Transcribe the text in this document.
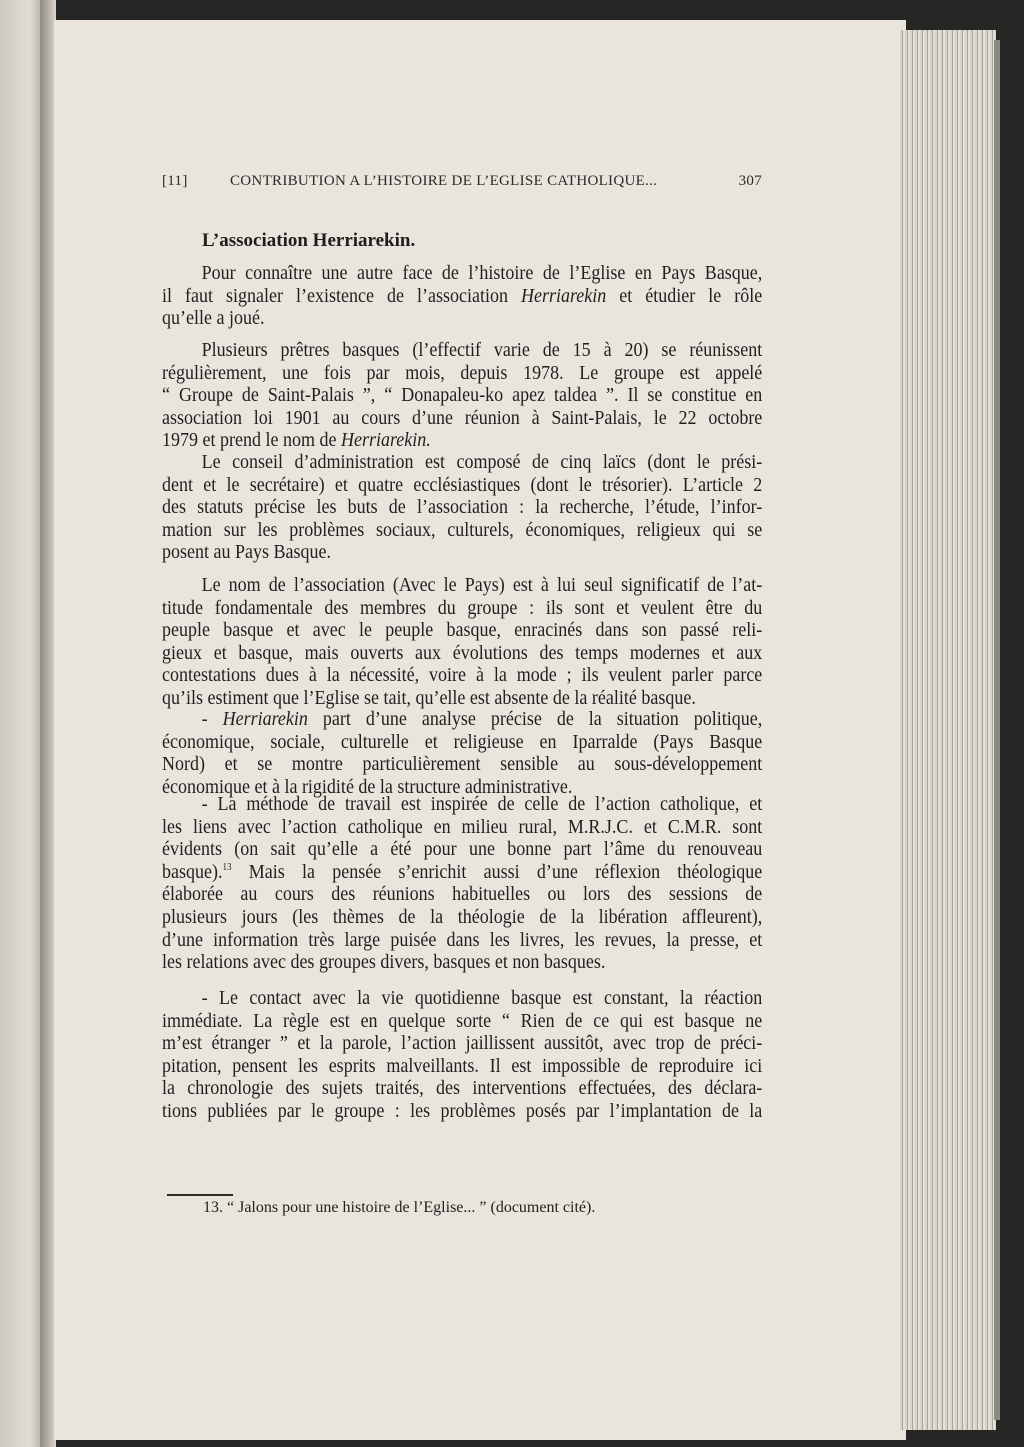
[11]	CONTRIBUTION A L’HISTOIRE DE L’EGLISE CATHOLIQUE...	307
L’association Herriarekin.
Pour connaître une autre face de l’histoire de l’Eglise en Pays Basque,
il faut signaler l’existence de l’association Herriarekin et étudier le rôle
qu’elle a joué.
Plusieurs prêtres basques (l’effectif varie de 15 à 20) se réunissent
régulièrement, une fois par mois, depuis 1978. Le groupe est appelé
“ Groupe de Saint-Palais ”, “ Donapaleu-ko apez taldea ”. Il se constitue en
association loi 1901 au cours d’une réunion à Saint-Palais, le 22 octobre
1979 et prend le nom de Herriarekin.
Le conseil d’administration est composé de cinq laïcs (dont le prési-
dent et le secrétaire) et quatre ecclésiastiques (dont le trésorier). L’article 2
des statuts précise les buts de l’association : la recherche, l’étude, l’infor-
mation sur les problèmes sociaux, culturels, économiques, religieux qui se
posent au Pays Basque.
Le nom de l’association (Avec le Pays) est à lui seul significatif de l’at-
titude fondamentale des membres du groupe : ils sont et veulent être du
peuple basque et avec le peuple basque, enracinés dans son passé reli-
gieux et basque, mais ouverts aux évolutions des temps modernes et aux
contestations dues à la nécessité, voire à la mode ; ils veulent parler parce
qu’ils estiment que l’Eglise se tait, qu’elle est absente de la réalité basque.
- Herriarekin part d’une analyse précise de la situation politique,
économique, sociale, culturelle et religieuse en Iparralde (Pays Basque
Nord) et se montre particulièrement sensible au sous-développement
économique et à la rigidité de la structure administrative.
- La méthode de travail est inspirée de celle de l’action catholique, et
les liens avec l’action catholique en milieu rural, M.R.J.C. et C.M.R. sont
évidents (on sait qu’elle a été pour une bonne part l’âme du renouveau
basque).$^{13}$ Mais la pensée s’enrichit aussi d’une réflexion théologique
élaborée au cours des réunions habituelles ou lors des sessions de
plusieurs jours (les thèmes de la théologie de la libération affleurent),
d’une information très large puisée dans les livres, les revues, la presse, et
les relations avec des groupes divers, basques et non basques.
- Le contact avec la vie quotidienne basque est constant, la réaction
immédiate. La règle est en quelque sorte “ Rien de ce qui est basque ne
m’est étranger ” et la parole, l’action jaillissent aussitôt, avec trop de préci-
pitation, pensent les esprits malveillants. Il est impossible de reproduire ici
la chronologie des sujets traités, des interventions effectuées, des déclara-
tions publiées par le groupe : les problèmes posés par l’implantation de la
13. “ Jalons pour une histoire de l’Eglise... ” (document cité).
